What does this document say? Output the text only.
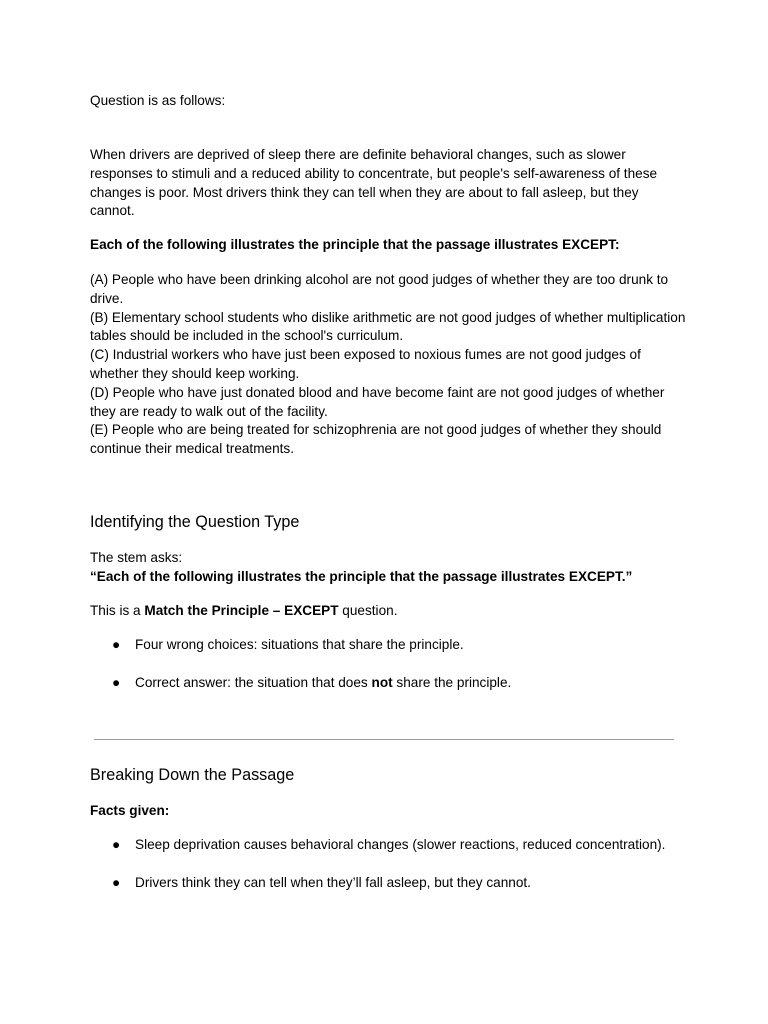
Question is as follows:

When drivers are deprived of sleep there are definite behavioral changes, such as slower responses to stimuli and a reduced ability to concentrate, but people's self-awareness of these changes is poor. Most drivers think they can tell when they are about to fall asleep, but they cannot.

Each of the following illustrates the principle that the passage illustrates EXCEPT:

(A) People who have been drinking alcohol are not good judges of whether they are too drunk to drive.

(B) Elementary school students who dislike arithmetic are not good judges of whether multiplication tables should be included in the school's curriculum.

(C) Industrial workers who have just been exposed to noxious fumes are not good judges of whether they should keep working.

(D) People who have just donated blood and have become faint are not good judges of whether they are ready to walk out of the facility.

(E) People who are being treated for schizophrenia are not good judges of whether they should continue their medical treatments.

Identifying the Question Type

The stem asks:

“Each of the following illustrates the principle that the passage illustrates EXCEPT.”

This is a Match the Principle – EXCEPT question.

● Four wrong choices: situations that share the principle.
● Correct answer: the situation that does not share the principle.
Breaking Down the Passage

Facts given:

● Sleep deprivation causes behavioral changes (slower reactions, reduced concentration).
● Drivers think they can tell when they’ll fall asleep, but they cannot.
